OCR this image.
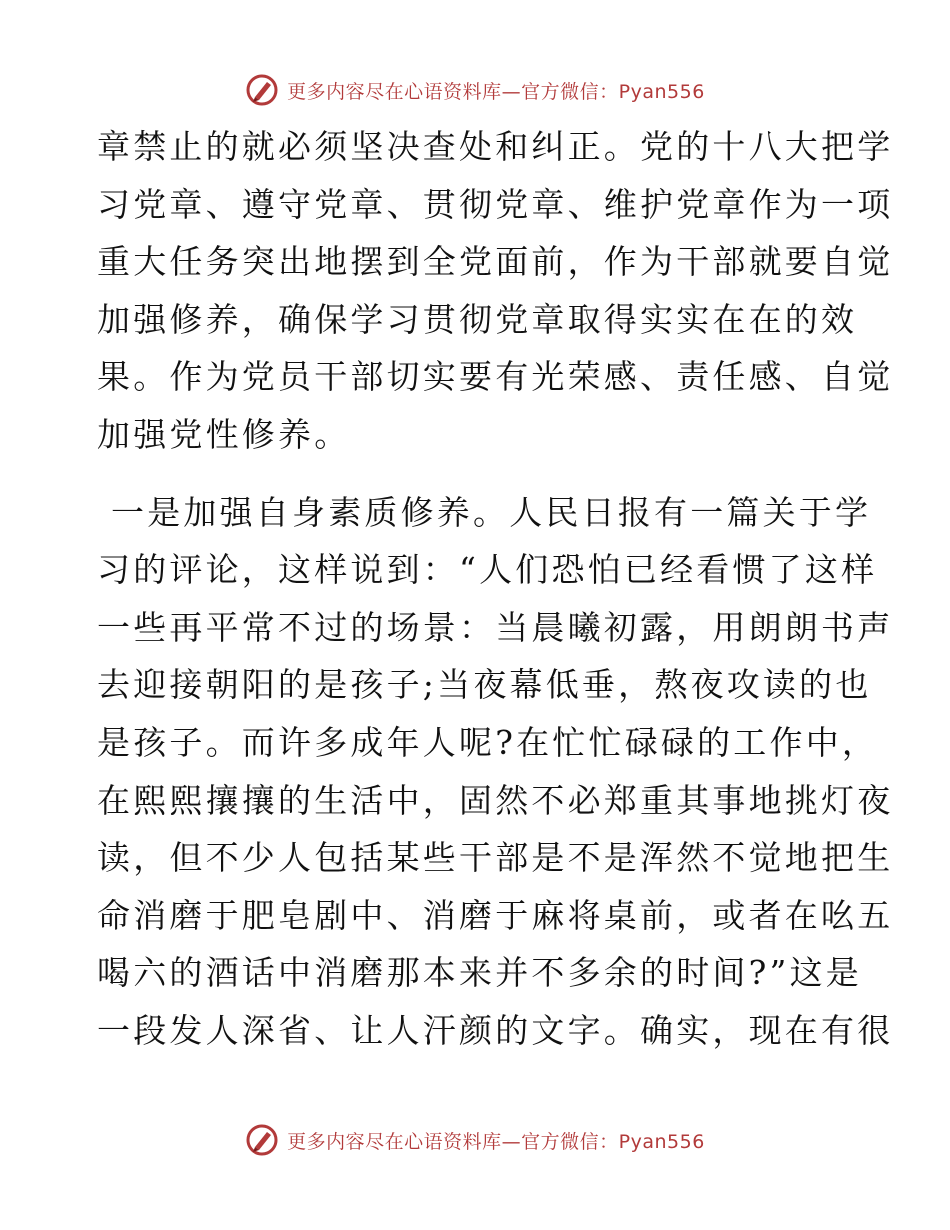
更多内容尽在心语资料库—官方微信：Pyan556
章禁止的就必须坚决查处和纠正。党的十八大把学
习党章、遵守党章、贯彻党章、维护党章作为一项
重大任务突出地摆到全党面前，作为干部就要自觉
加强修养，确保学习贯彻党章取得实实在在的效
果。作为党员干部切实要有光荣感、责任感、自觉
加强党性修养。
一是加强自身素质修养。人民日报有一篇关于学
习的评论，这样说到：“人们恐怕已经看惯了这样
一些再平常不过的场景：当晨曦初露，用朗朗书声
去迎接朝阳的是孩子;当夜幕低垂，熬夜攻读的也
是孩子。而许多成年人呢?在忙忙碌碌的工作中，
在熙熙攘攘的生活中，固然不必郑重其事地挑灯夜
读，但不少人包括某些干部是不是浑然不觉地把生
命消磨于肥皂剧中、消磨于麻将桌前，或者在吆五
喝六的酒话中消磨那本来并不多余的时间?”这是
一段发人深省、让人汗颜的文字。确实，现在有很
更多内容尽在心语资料库—官方微信：Pyan556
